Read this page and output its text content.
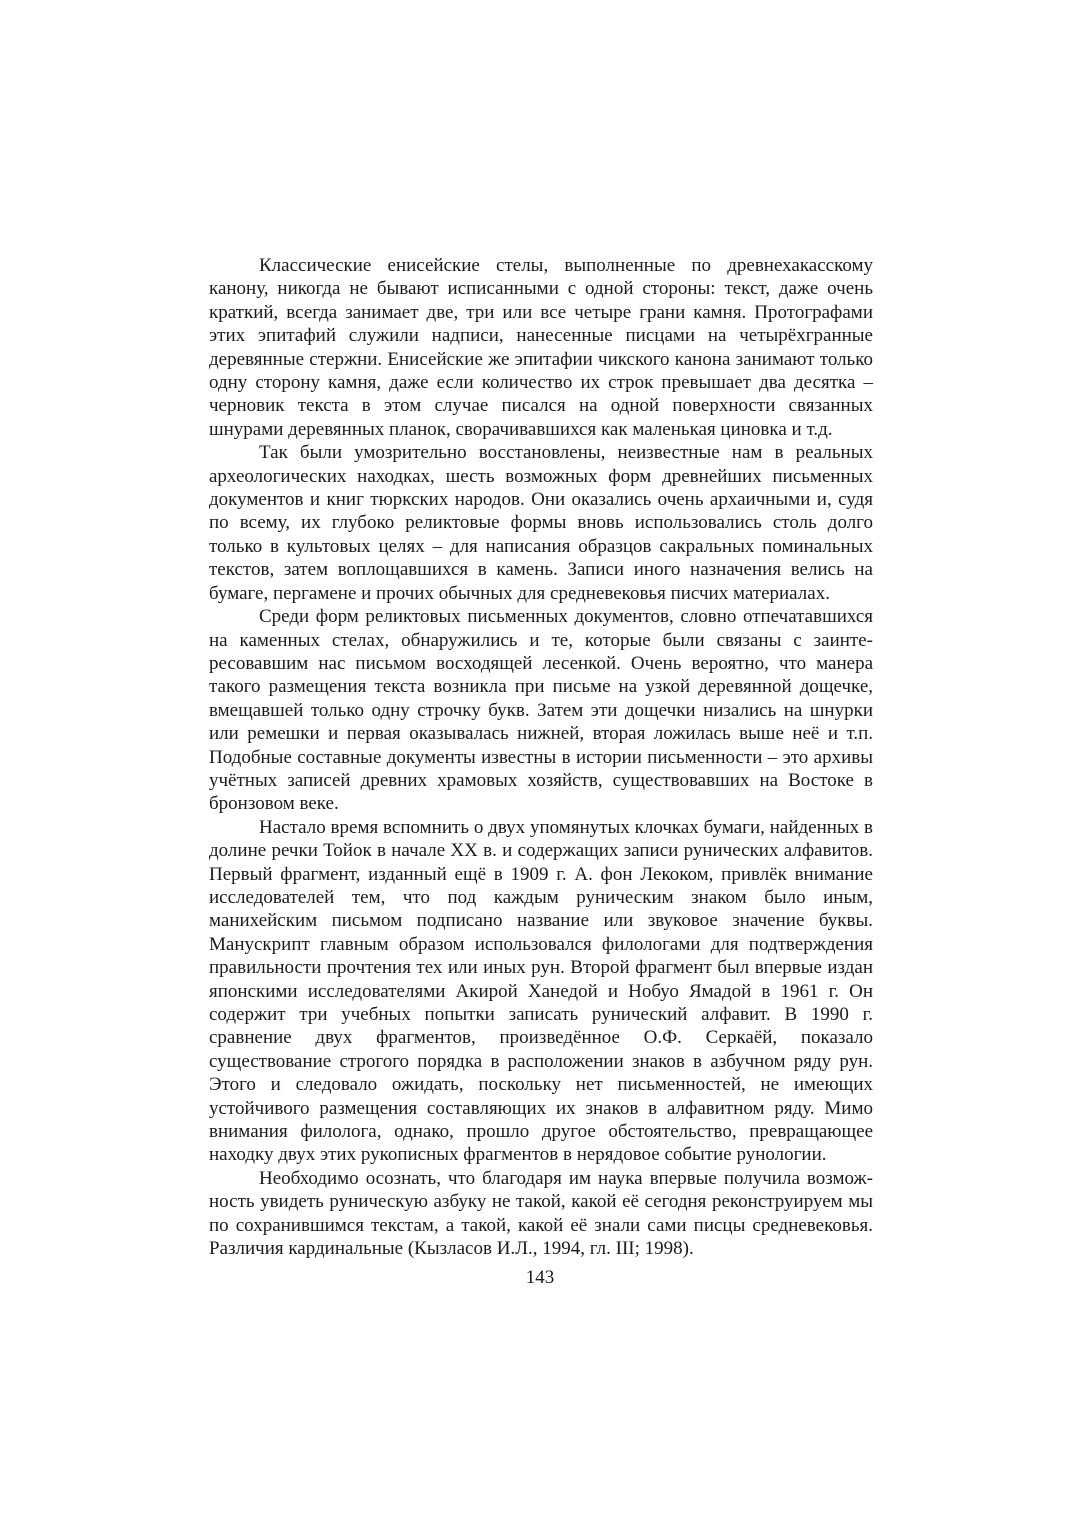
Классические енисейские стелы, выполненные по древнехакасскому канону, никогда не бывают исписанными с одной стороны: текст, даже очень краткий, всегда занимает две, три или все четыре грани камня. Протографами этих эпитафий служили надписи, нанесенные писцами на четырёхгранные деревянные стержни. Енисейские же эпитафии чикского канона занимают только одну сторону камня, даже если количество их строк превышает два десятка – черновик текста в этом случае писался на одной поверхности связанных шнурами деревянных планок, сворачивавшихся как маленькая циновка и т.д.

Так были умозрительно восстановлены, неизвестные нам в реальных археологических находках, шесть возможных форм древнейших письменных документов и книг тюркских народов. Они оказались очень архаичными и, судя по всему, их глубоко реликтовые формы вновь использовались столь долго только в культовых целях – для написания образцов сакральных поминальных текстов, затем воплощавшихся в камень. Записи иного назначения велись на бумаге, пергамене и прочих обычных для средневековья писчих материалах.

Среди форм реликтовых письменных документов, словно отпечатавшихся на каменных стелах, обнаружились и те, которые были связаны с заинтересовавшим нас письмом восходящей лесенкой. Очень вероятно, что манера такого размещения текста возникла при письме на узкой деревянной дощечке, вмещавшей только одну строчку букв. Затем эти дощечки низались на шнурки или ремешки и первая оказывалась нижней, вторая ложилась выше неё и т.п. Подобные составные документы известны в истории письменности – это архивы учётных записей древних храмовых хозяйств, существовавших на Востоке в бронзовом веке.

Настало время вспомнить о двух упомянутых клочках бумаги, найденных в долине речки Тойок в начале ХХ в. и содержащих записи рунических алфавитов. Первый фрагмент, изданный ещё в 1909 г. А. фон Лекоком, привлёк внимание исследователей тем, что под каждым руническим знаком было иным, манихейским письмом подписано название или звуковое значение буквы. Манускрипт главным образом использовался филологами для подтверждения правильности прочтения тех или иных рун. Второй фрагмент был впервые издан японскими исследователями Акирой Ханедой и Нобуо Ямадой в 1961 г. Он содержит три учебных попытки записать рунический алфавит. В 1990 г. сравнение двух фрагментов, произведённое О.Ф. Серкаёй, показало существование строгого порядка в расположении знаков в азбучном ряду рун. Этого и следовало ожидать, поскольку нет письменностей, не имеющих устойчивого размещения составляющих их знаков в алфавитном ряду. Мимо внимания филолога, однако, прошло другое обстоятельство, превращающее находку двух этих рукописных фрагментов в нерядовое событие рунологии.

Необходимо осознать, что благодаря им наука впервые получила возможность увидеть руническую азбуку не такой, какой её сегодня реконструируем мы по сохранившимся текстам, а такой, какой её знали сами писцы средневековья. Различия кардинальные (Кызласов И.Л., 1994, гл. III; 1998).

143
